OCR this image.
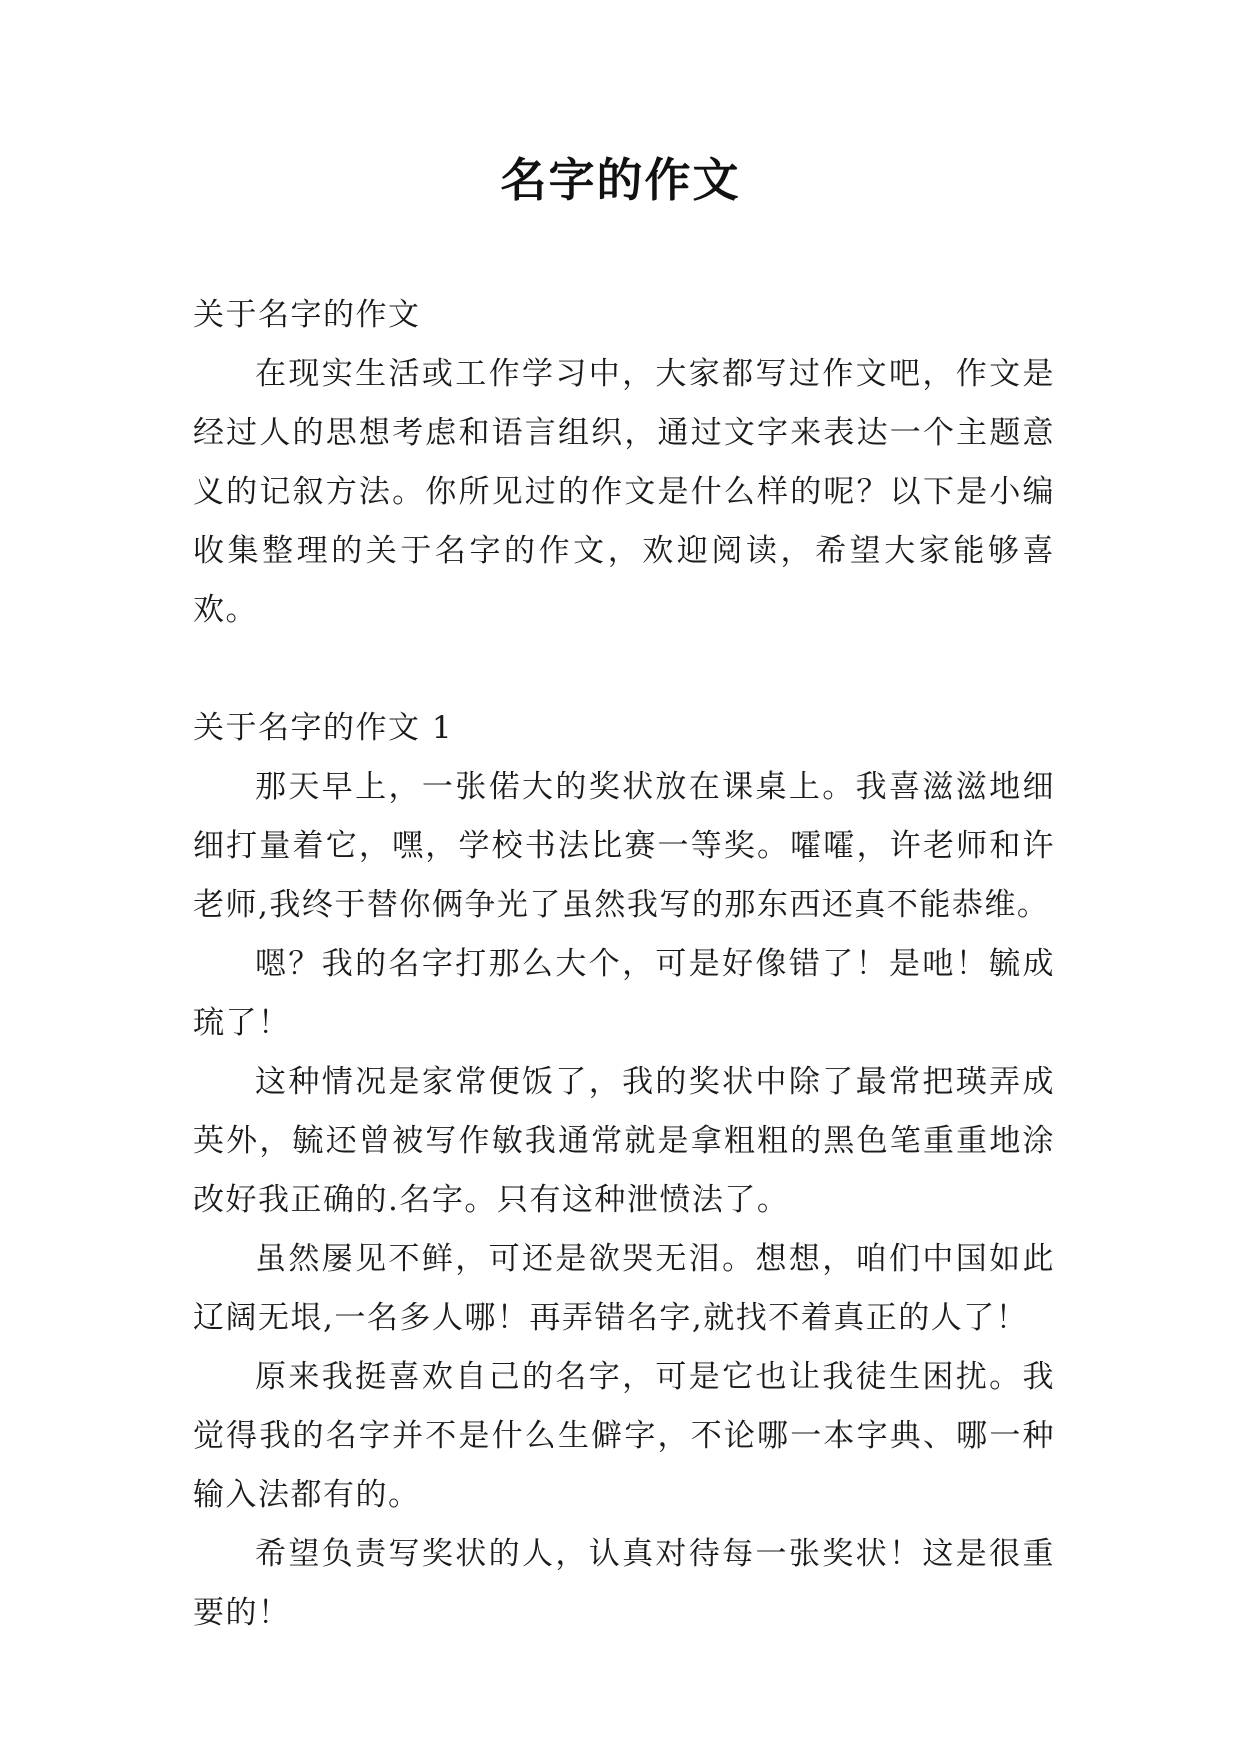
名字的作文

关于名字的作文

在现实生活或工作学习中，大家都写过作文吧，作文是经过人的思想考虑和语言组织，通过文字来表达一个主题意义的记叙方法。你所见过的作文是什么样的呢？以下是小编收集整理的关于名字的作文，欢迎阅读，希望大家能够喜欢。

关于名字的作文 1

那天早上，一张偌大的奖状放在课桌上。我喜滋滋地细细打量着它，嘿，学校书法比赛一等奖。嚯嚯，许老师和许老师,我终于替你俩争光了虽然我写的那东西还真不能恭维。

嗯？我的名字打那么大个，可是好像错了！是吔！毓成琉了！

这种情况是家常便饭了，我的奖状中除了最常把瑛弄成英外，毓还曾被写作敏我通常就是拿粗粗的黑色笔重重地涂改好我正确的.名字。只有这种泄愤法了。

虽然屡见不鲜，可还是欲哭无泪。想想，咱们中国如此辽阔无垠,一名多人哪！再弄错名字,就找不着真正的人了！

原来我挺喜欢自己的名字，可是它也让我徒生困扰。我觉得我的名字并不是什么生僻字，不论哪一本字典、哪一种输入法都有的。

希望负责写奖状的人，认真对待每一张奖状！这是很重要的！
